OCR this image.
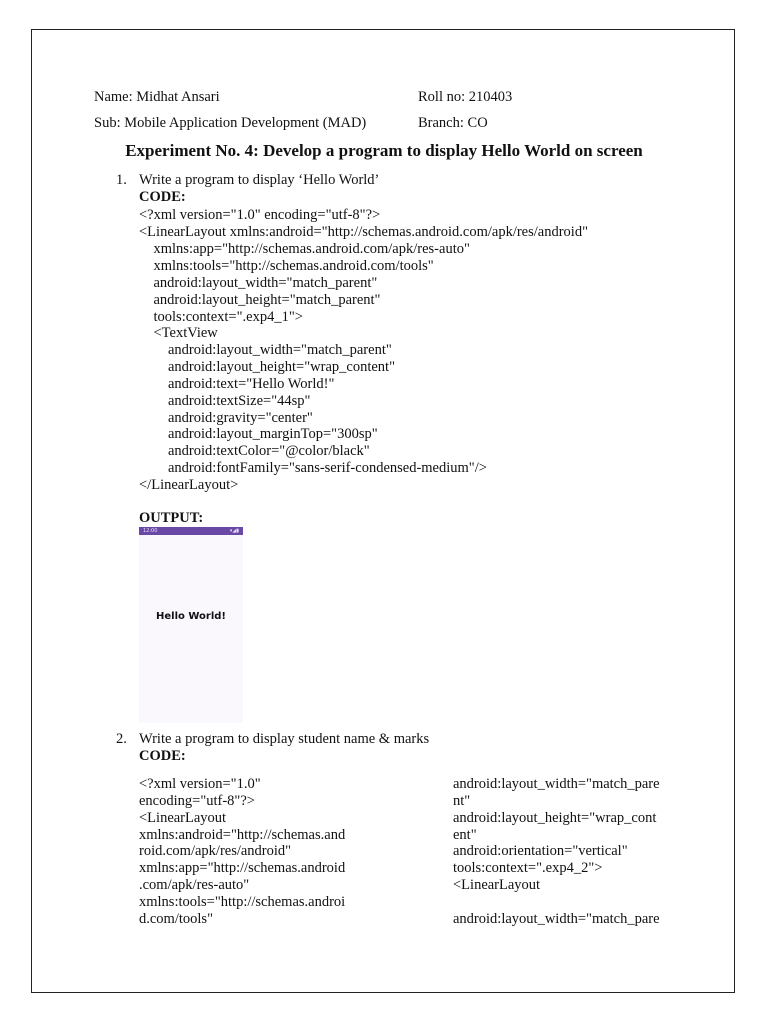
Name: Midhat Ansari	Roll no: 210403
Sub: Mobile Application Development (MAD)	Branch: CO
Experiment No. 4: Develop a program to display Hello World on screen
1. Write a program to display ‘Hello World’
CODE:
<?xml version="1.0" encoding="utf-8"?>
<LinearLayout xmlns:android="http://schemas.android.com/apk/res/android"
xmlns:app="http://schemas.android.com/apk/res-auto"
xmlns:tools="http://schemas.android.com/tools"
android:layout_width="match_parent"
android:layout_height="match_parent"
tools:context=".exp4_1">
<TextView
android:layout_width="match_parent"
android:layout_height="wrap_content"
android:text="Hello World!"
android:textSize="44sp"
android:gravity="center"
android:layout_marginTop="300sp"
android:textColor="@color/black"
android:fontFamily="sans-serif-condensed-medium"/>
</LinearLayout>
OUTPUT:
12:00	▾◢▮
Hello World!
2. Write a program to display student name & marks
CODE:
<?xml version="1.0"
encoding="utf-8"?>
<LinearLayout
xmlns:android="http://schemas.and
roid.com/apk/res/android"
xmlns:app="http://schemas.android
.com/apk/res-auto"
xmlns:tools="http://schemas.androi
d.com/tools"
android:layout_width="match_pare
nt"
android:layout_height="wrap_cont
ent"
android:orientation="vertical"
tools:context=".exp4_2">
<LinearLayout
android:layout_width="match_pare
